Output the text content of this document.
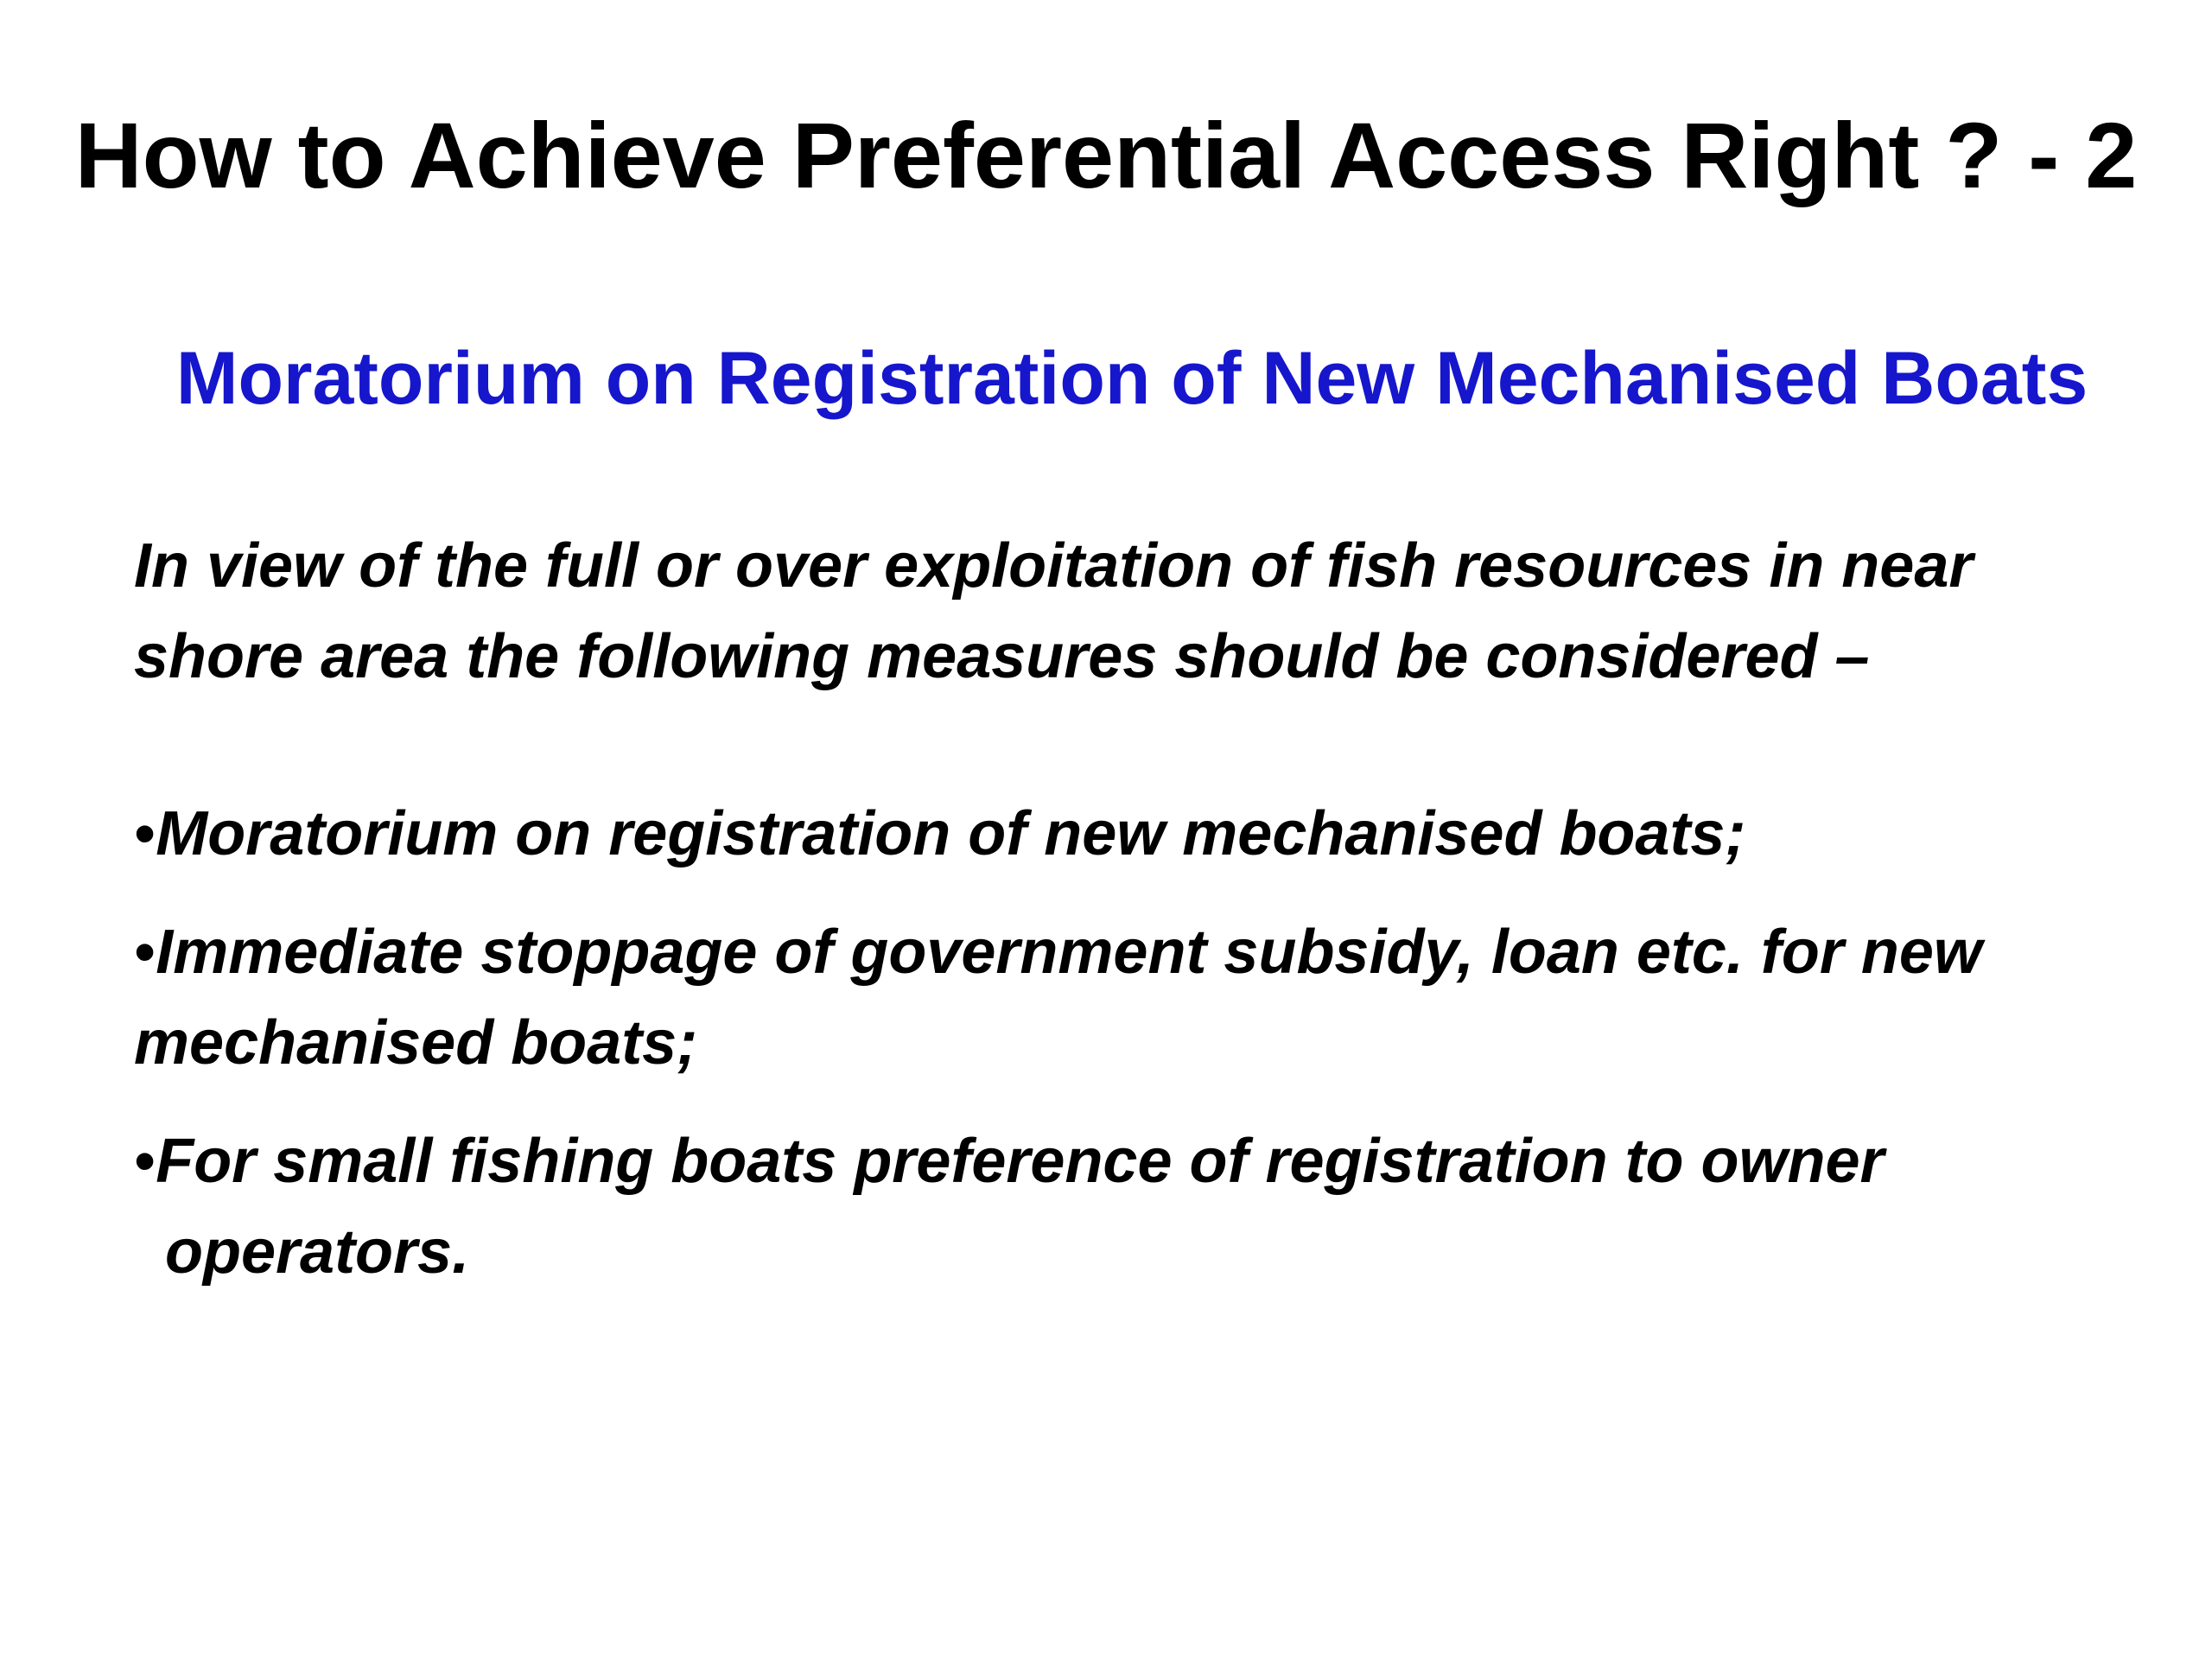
How to Achieve Preferential Access Right ? - 2
Moratorium on Registration of New Mechanised Boats

In view of the full or over exploitation of fish resources in near shore area the following measures should be considered –

•Moratorium on registration of new mechanised boats;
•Immediate stoppage of government subsidy, loan etc. for new
mechanised boats;
•For small fishing boats preference of registration to owner
operators.
